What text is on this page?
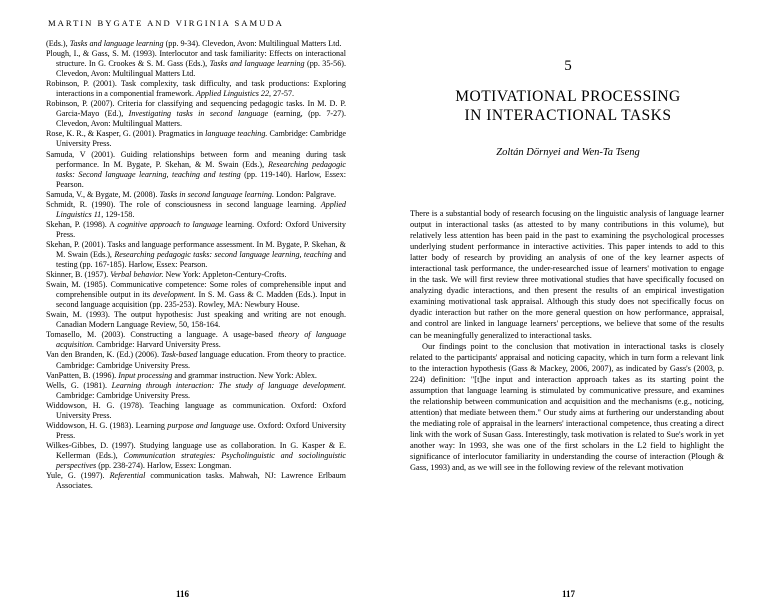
MARTIN BYGATE AND VIRGINIA SAMUDA

(Eds.), Tasks and language learning (pp. 9-34). Clevedon, Avon: Multilingual Matters Ltd.

Plough, I., & Gass, S. M. (1993). Interlocutor and task familiarity: Effects on interactional structure. In G. Crookes & S. M. Gass (Eds.), Tasks and language learning (pp. 35-56). Clevedon, Avon: Multilingual Matters Ltd.

Robinson, P. (2001). Task complexity, task difficulty, and task productions: Exploring interactions in a componential framework. Applied Linguistics 22, 27-57.

Robinson, P. (2007). Criteria for classifying and sequencing pedagogic tasks. In M. D. P. Garcia-Mayo (Ed.), Investigating tasks in second language (earning, (pp. 7-27). Clevedon, Avon: Multilingual Matters.

Rose, K. R., & Kasper, G. (2001). Pragmatics in language teaching. Cambridge: Cambridge University Press.

Samuda, V (2001). Guiding relationships between form and meaning during task performance. In M. Bygate, P. Skehan, & M. Swain (Eds.), Researching pedagogic tasks: Second language learning, teaching and testing (pp. 119-140). Harlow, Essex: Pearson.

Samuda, V., & Bygate, M. (2008). Tasks in second language learning. London: Palgrave.

Schmidt, R. (1990). The role of consciousness in second language learning. Applied Linguistics 11, 129-158.

Skehan, P. (1998). A cognitive approach to language learning. Oxford: Oxford University Press.

Skehan, P. (2001). Tasks and language performance assessment. In M. Bygate, P. Skehan, & M. Swain (Eds.), Researching pedagogic tasks: second language learning, teaching and testing (pp. 167-185). Harlow, Essex: Pearson.

Skinner, B. (1957). Verbal behavior. New York: Appleton-Century-Crofts.

Swain, M. (1985). Communicative competence: Some roles of comprehensible input and comprehensible output in its development. In S. M. Gass & C. Madden (Eds.). Input in second language acquisition (pp. 235-253). Rowley, MA: Newbury House.

Swain, M. (1993). The output hypothesis: Just speaking and writing are not enough. Canadian Modern Language Review, 50, 158-164.

Tomasello, M. (2003). Constructing a language. A usage-based theory of language acquisition. Cambridge: Harvard University Press.

Van den Branden, K. (Ed.) (2006). Task-based language education. From theory to practice. Cambridge: Cambridge University Press.

VanPatten, B. (1996). Input processing and grammar instruction. New York: Ablex.

Wells, G. (1981). Learning through interaction: The study of language development. Cambridge: Cambridge University Press.

Widdowson, H. G. (1978). Teaching language as communication. Oxford: Oxford University Press.

Widdowson, H. G. (1983). Learning purpose and language use. Oxford: Oxford University Press.

Wilkes-Gibbes, D. (1997). Studying language use as collaboration. In G. Kasper & E. Kellerman (Eds.), Communication strategies: Psycholinguistic and sociolinguistic perspectives (pp. 238-274). Harlow, Essex: Longman.

Yule, G. (1997). Referential communication tasks. Mahwah, NJ: Lawrence Erlbaum Associates.

116
5
MOTIVATIONAL PROCESSING
IN INTERACTIONAL TASKS
Zoltán Dörnyei and Wen-Ta Tseng

There is a substantial body of research focusing on the linguistic analysis of language learner output in interactional tasks (as attested to by many contributions in this volume), but relatively less attention has been paid in the past to examining the psychological processes underlying student performance in interactive activities. This paper intends to add to this latter body of research by providing an analysis of one of the key learner aspects of interactional task performance, the under-researched issue of learners' motivation to engage in the task. We will first review three motivational studies that have specifically focused on analyzing dyadic interactions, and then present the results of an empirical investigation examining motivational task appraisal. Although this study does not specifically focus on dyadic interaction but rather on the more general question on how performance, appraisal, and control are linked in language learners' perceptions, we believe that some of the results can be meaningfully generalized to interactional tasks.

Our findings point to the conclusion that motivation in interactional tasks is closely related to the participants' appraisal and noticing capacity, which in turn form a relevant link to the interaction hypothesis (Gass & Mackey, 2006, 2007), as indicated by Gass's (2003, p. 224) definition: "[t]he input and interaction approach takes as its starting point the assumption that language learning is stimulated by communicative pressure, and examines the relationship between communication and acquisition and the mechanisms (e.g., noticing, attention) that mediate between them." Our study aims at furthering our understanding about the mediating role of appraisal in the learners' interactional competence, thus creating a direct link with the work of Susan Gass. Interestingly, task motivation is related to Sue's work in yet another way: In 1993, she was one of the first scholars in the L2 field to highlight the significance of interlocutor familiarity in understanding the course of interaction (Plough & Gass, 1993) and, as we will see in the following review of the relevant motivation

117
